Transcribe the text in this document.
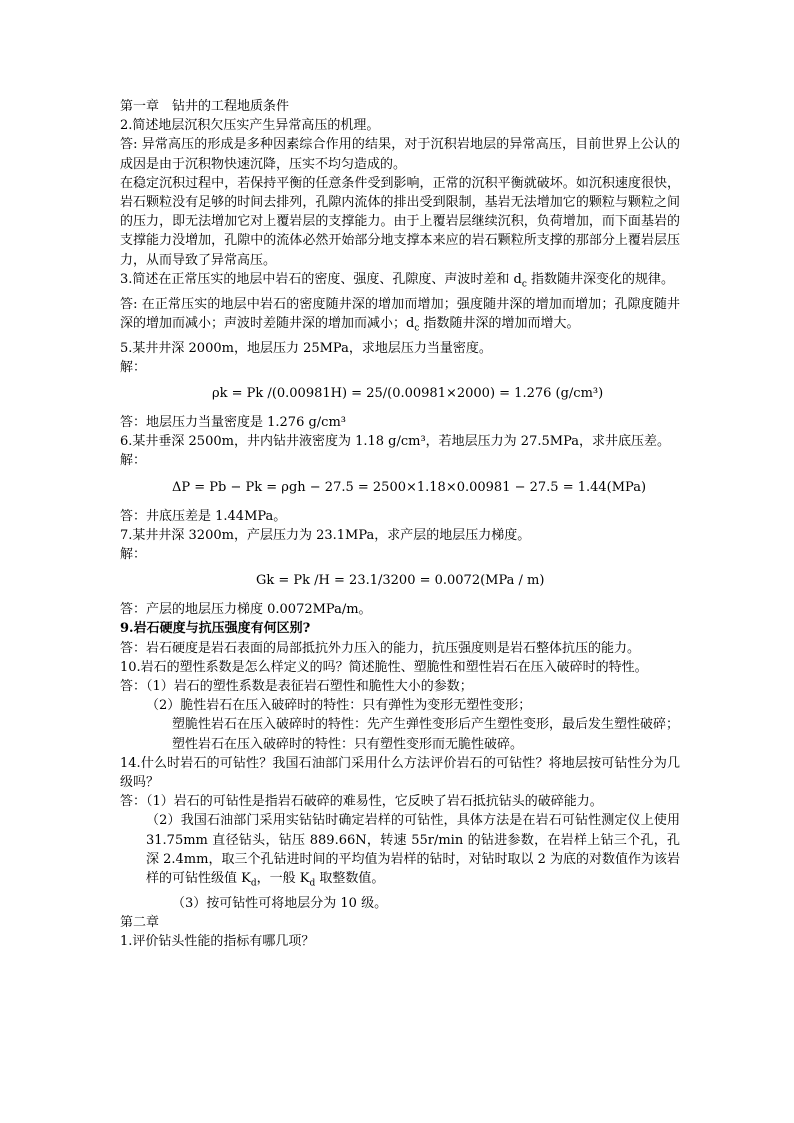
第一章　钻井的工程地质条件
2.简述地层沉积欠压实产生异常高压的机理。
答: 异常高压的形成是多种因素综合作用的结果，对于沉积岩地层的异常高压，目前世界上公认的成因是由于沉积物快速沉降，压实不均匀造成的。
在稳定沉积过程中，若保持平衡的任意条件受到影响，正常的沉积平衡就破坏。如沉积速度很快，岩石颗粒没有足够的时间去排列，孔隙内流体的排出受到限制，基岩无法增加它的颗粒与颗粒之间的压力，即无法增加它对上覆岩层的支撑能力。由于上覆岩层继续沉积，负荷增加，而下面基岩的支撑能力没增加，孔隙中的流体必然开始部分地支撑本来应的岩石颗粒所支撑的那部分上覆岩层压力，从而导致了异常高压。
3.简述在正常压实的地层中岩石的密度、强度、孔隙度、声波时差和 $d_c$ 指数随井深变化的规律。
答: 在正常压实的地层中岩石的密度随井深的增加而增加；强度随井深的增加而增加；孔隙度随井深的增加而减小；声波时差随井深的增加而减小；$d_c$ 指数随井深的增加而增大。
5.某井井深 2000m，地层压力 25MPa，求地层压力当量密度。
解：
ρk = Pk /(0.00981H) = 25/(0.00981×2000) = 1.276 (g/cm³)
答：地层压力当量密度是 1.276 g/cm³
6.某井垂深 2500m，井内钻井液密度为 1.18 g/cm³，若地层压力为 27.5MPa，求井底压差。
解：
ΔP = Pb − Pk = ρgh − 27.5 = 2500×1.18×0.00981 − 27.5 = 1.44(MPa)
答：井底压差是 1.44MPa。
7.某井井深 3200m，产层压力为 23.1MPa，求产层的地层压力梯度。
解：
Gk = Pk /H = 23.1/3200 = 0.0072(MPa / m)
答：产层的地层压力梯度 0.0072MPa/m。
9.岩石硬度与抗压强度有何区别?
答：岩石硬度是岩石表面的局部抵抗外力压入的能力，抗压强度则是岩石整体抗压的能力。
10.岩石的塑性系数是怎么样定义的吗？简述脆性、塑脆性和塑性岩石在压入破碎时的特性。
答：（1）岩石的塑性系数是表征岩石塑性和脆性大小的参数；
（2）脆性岩石在压入破碎时的特性：只有弹性为变形无塑性变形；
塑脆性岩石在压入破碎时的特性：先产生弹性变形后产生塑性变形，最后发生塑性破碎；
塑性岩石在压入破碎时的特性：只有塑性变形而无脆性破碎。
14.什么时岩石的可钻性？我国石油部门采用什么方法评价岩石的可钻性？将地层按可钻性分为几级吗？
答：（1）岩石的可钻性是指岩石破碎的难易性，它反映了岩石抵抗钻头的破碎能力。
（2）我国石油部门采用实钻钻时确定岩样的可钻性，具体方法是在岩石可钻性测定仪上使用 31.75mm 直径钻头，钻压 889.66N，转速 55r/min 的钻进参数，在岩样上钻三个孔，孔深 2.4mm，取三个孔钻进时间的平均值为岩样的钻时，对钻时取以 2 为底的对数值作为该岩样的可钻性级值 $K_d$，一般 $K_d$ 取整数值。
（3）按可钻性可将地层分为 10 级。
第二章
1.评价钻头性能的指标有哪几项？
